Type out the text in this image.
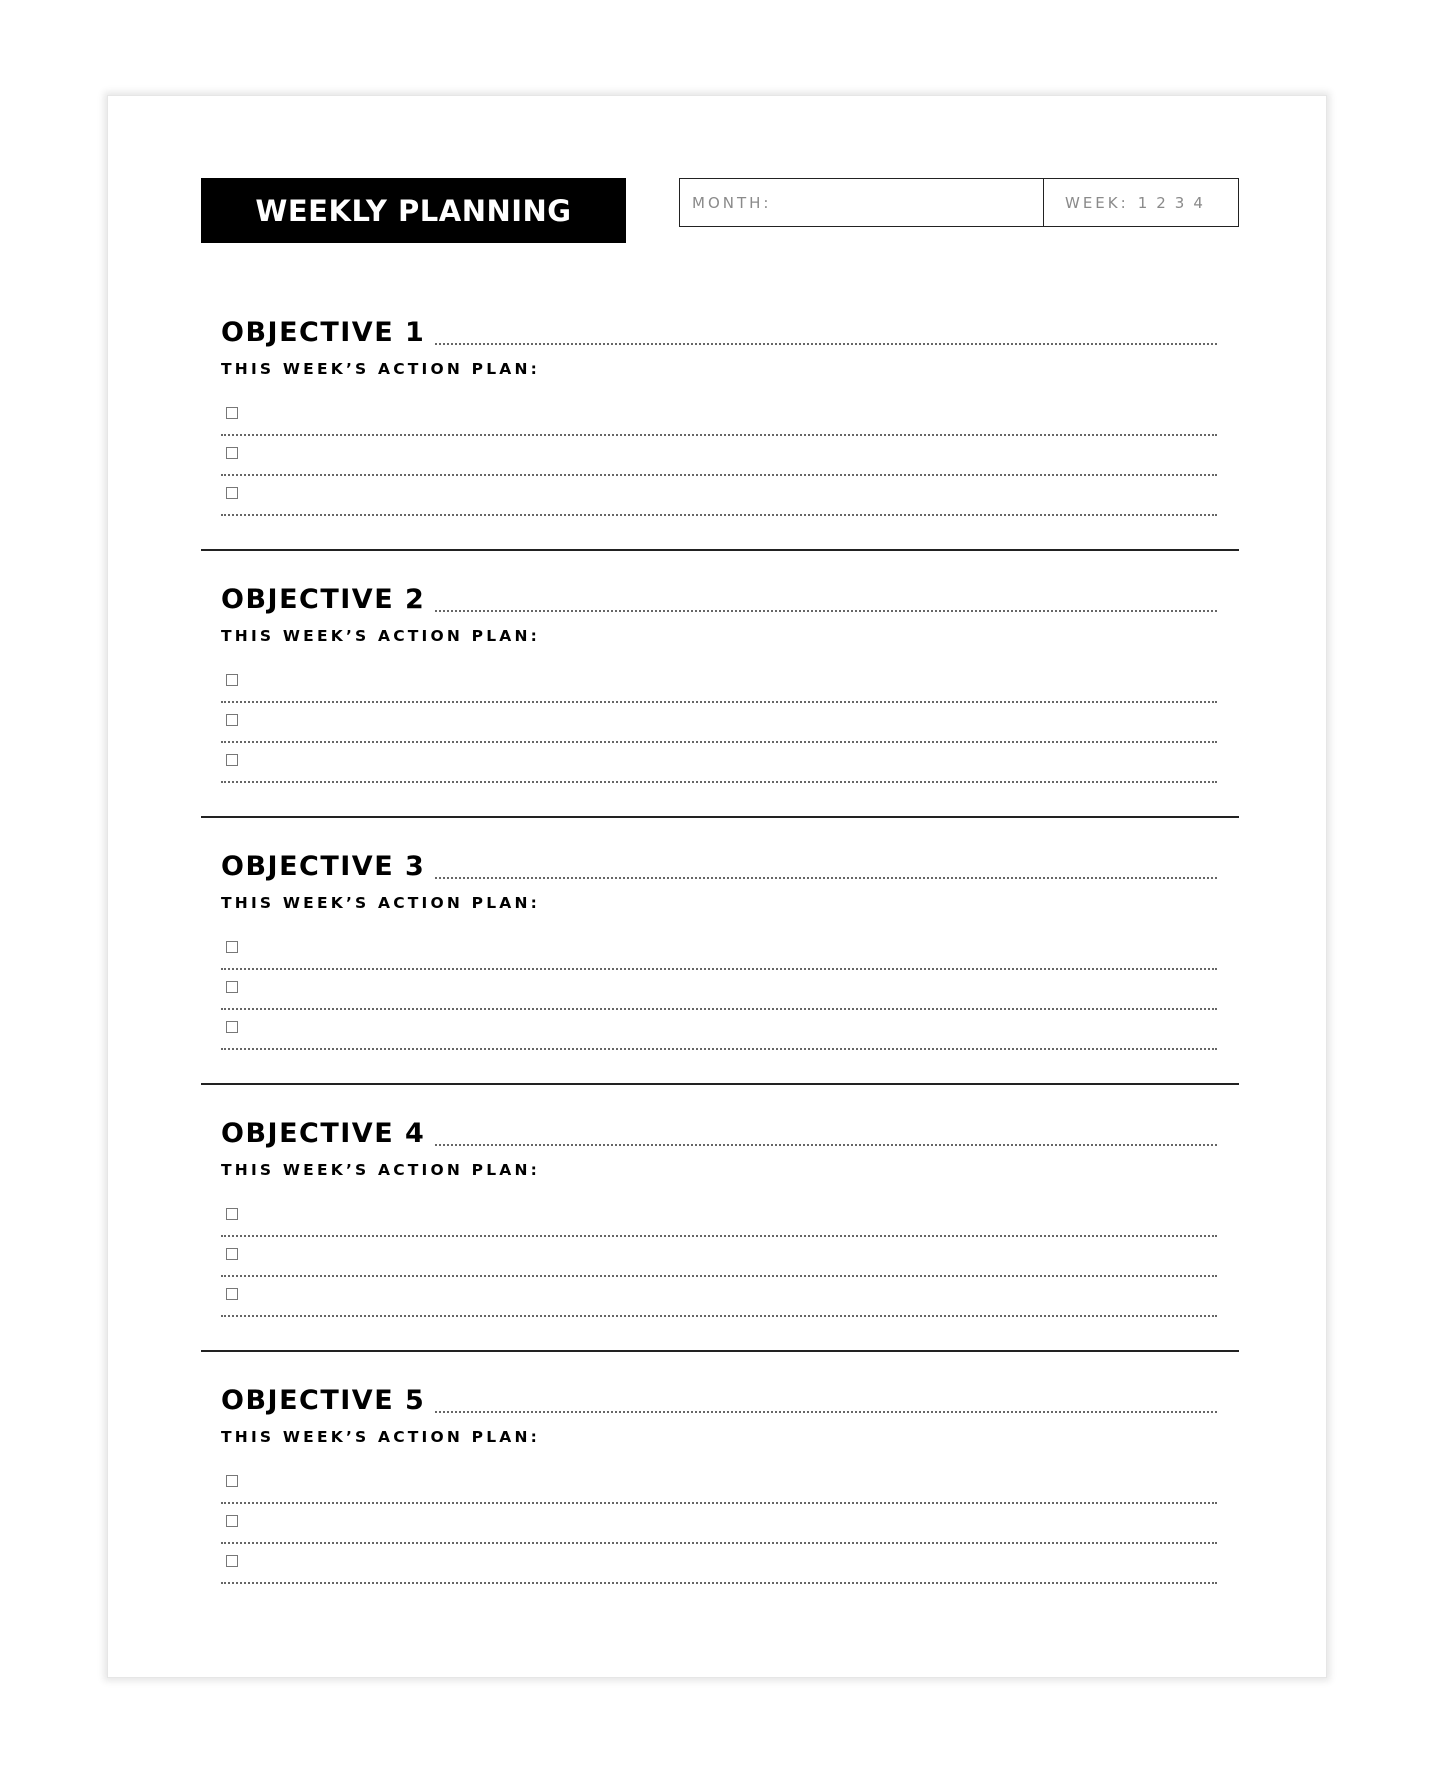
WEEKLY PLANNING	MONTH:	WEEK: 1 2 3 4
OBJECTIVE 1
THIS WEEK’S ACTION PLAN:
OBJECTIVE 2
THIS WEEK’S ACTION PLAN:
OBJECTIVE 3
THIS WEEK’S ACTION PLAN:
OBJECTIVE 4
THIS WEEK’S ACTION PLAN:
OBJECTIVE 5
THIS WEEK’S ACTION PLAN:
